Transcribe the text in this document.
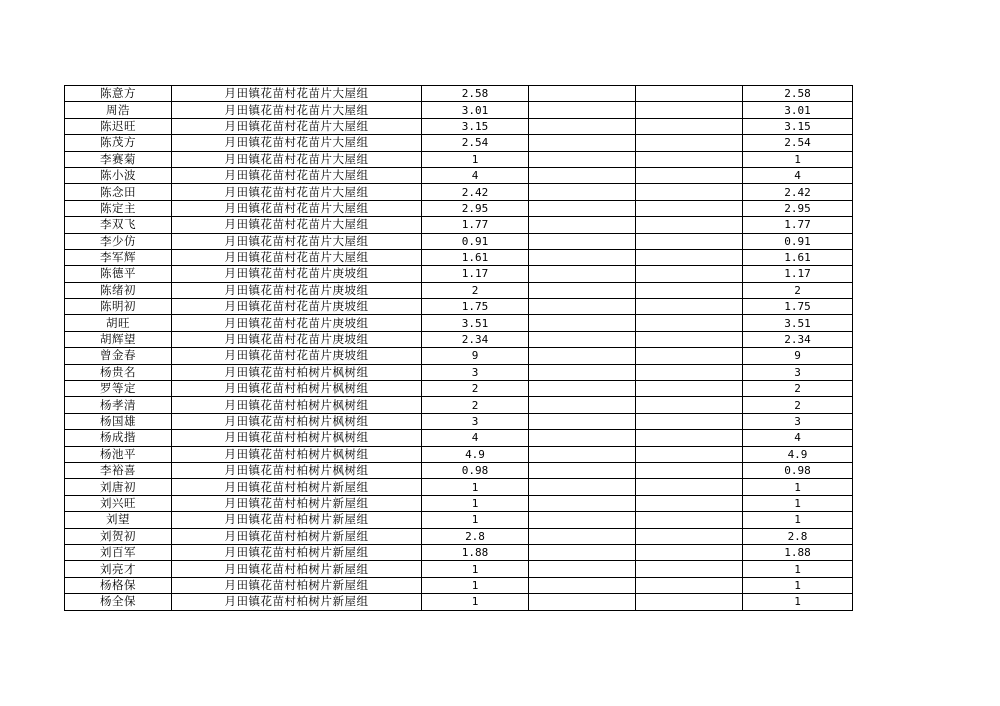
陈意方	月田镇花苗村花苗片大屋组	2.58			2.58
周浩	月田镇花苗村花苗片大屋组	3.01			3.01
陈迟旺	月田镇花苗村花苗片大屋组	3.15			3.15
陈茂方	月田镇花苗村花苗片大屋组	2.54			2.54
李赛菊	月田镇花苗村花苗片大屋组	1			1
陈小波	月田镇花苗村花苗片大屋组	4			4
陈念田	月田镇花苗村花苗片大屋组	2.42			2.42
陈定主	月田镇花苗村花苗片大屋组	2.95			2.95
李双飞	月田镇花苗村花苗片大屋组	1.77			1.77
李少仿	月田镇花苗村花苗片大屋组	0.91			0.91
李军辉	月田镇花苗村花苗片大屋组	1.61			1.61
陈德平	月田镇花苗村花苗片庚坡组	1.17			1.17
陈绪初	月田镇花苗村花苗片庚坡组	2			2
陈明初	月田镇花苗村花苗片庚坡组	1.75			1.75
胡旺	月田镇花苗村花苗片庚坡组	3.51			3.51
胡辉望	月田镇花苗村花苗片庚坡组	2.34			2.34
曾金春	月田镇花苗村花苗片庚坡组	9			9
杨贵名	月田镇花苗村柏树片枫树组	3			3
罗等定	月田镇花苗村柏树片枫树组	2			2
杨孝清	月田镇花苗村柏树片枫树组	2			2
杨国雄	月田镇花苗村柏树片枫树组	3			3
杨成揩	月田镇花苗村柏树片枫树组	4			4
杨池平	月田镇花苗村柏树片枫树组	4.9			4.9
李裕喜	月田镇花苗村柏树片枫树组	0.98			0.98
刘唐初	月田镇花苗村柏树片新屋组	1			1
刘兴旺	月田镇花苗村柏树片新屋组	1			1
刘望	月田镇花苗村柏树片新屋组	1			1
刘贺初	月田镇花苗村柏树片新屋组	2.8			2.8
刘百军	月田镇花苗村柏树片新屋组	1.88			1.88
刘亮才	月田镇花苗村柏树片新屋组	1			1
杨格保	月田镇花苗村柏树片新屋组	1			1
杨全保	月田镇花苗村柏树片新屋组	1			1
